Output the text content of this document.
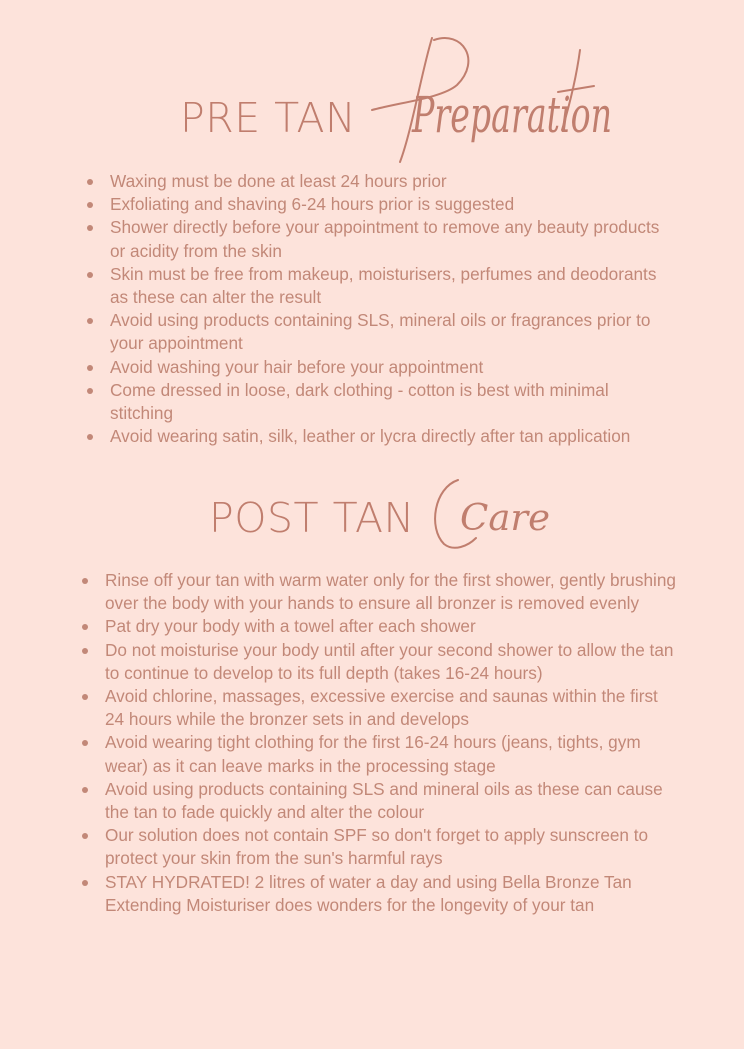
PRE TAN Preparation
Waxing must be done at least 24 hours prior
Exfoliating and shaving 6-24 hours prior is suggested
Shower directly before your appointment to remove any beauty products or acidity from the skin
Skin must be free from makeup, moisturisers, perfumes and deodorants as these can alter the result
Avoid using products containing SLS, mineral oils or fragrances prior to your appointment
Avoid washing your hair before your appointment
Come dressed in loose, dark clothing - cotton is best with minimal stitching
Avoid wearing satin, silk, leather or lycra directly after tan application
POST TAN Care
Rinse off your tan with warm water only for the first shower, gently brushing over the body with your hands to ensure all bronzer is removed evenly
Pat dry your body with a towel after each shower
Do not moisturise your body until after your second shower to allow the tan to continue to develop to its full depth (takes 16-24 hours)
Avoid chlorine, massages, excessive exercise and saunas within the first 24 hours while the bronzer sets in and develops
Avoid wearing tight clothing for the first 16-24 hours (jeans, tights, gym wear) as it can leave marks in the processing stage
Avoid using products containing SLS and mineral oils as these can cause the tan to fade quickly and alter the colour
Our solution does not contain SPF so don't forget to apply sunscreen to protect your skin from the sun's harmful rays
STAY HYDRATED! 2 litres of water a day and using Bella Bronze Tan Extending Moisturiser does wonders for the longevity of your tan
